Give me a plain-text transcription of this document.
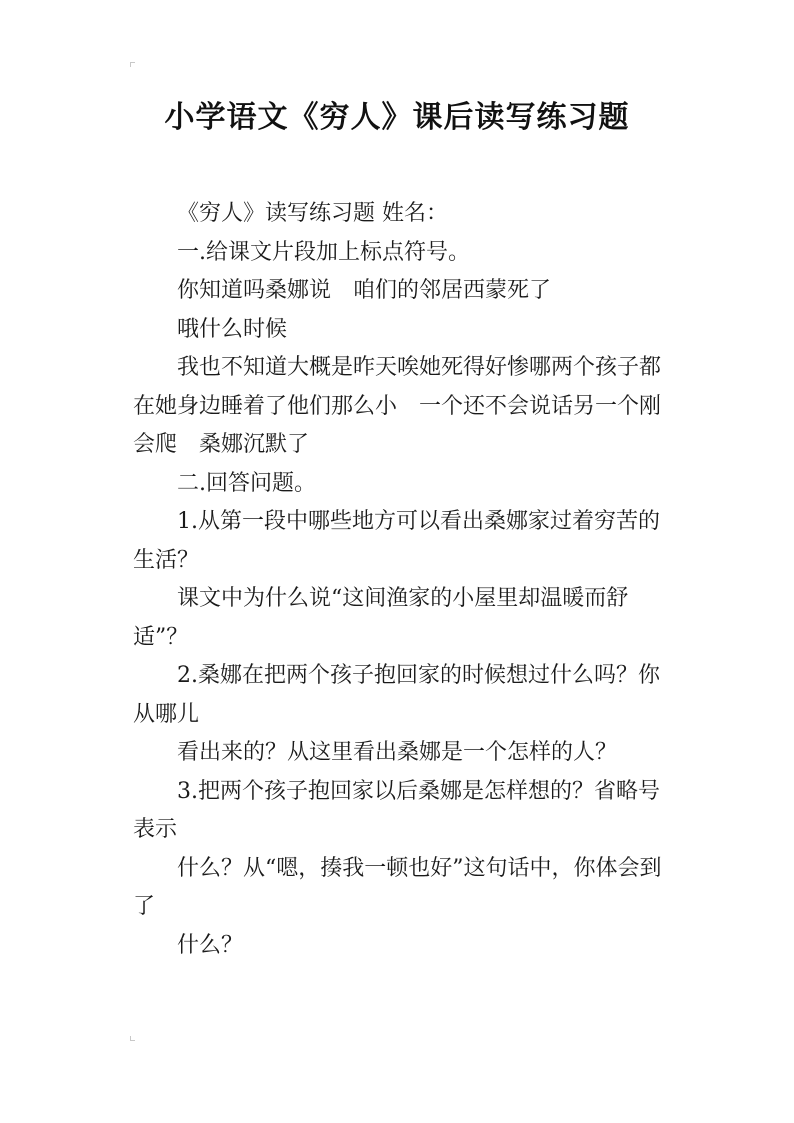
小学语文《穷人》课后读写练习题

《穷人》读写练习题 姓名：

一.给课文片段加上标点符号。

你知道吗桑娜说　咱们的邻居西蒙死了

哦什么时候

我也不知道大概是昨天唉她死得好惨哪两个孩子都在她身边睡着了他们那么小　一个还不会说话另一个刚会爬　桑娜沉默了

二.回答问题。

1.从第一段中哪些地方可以看出桑娜家过着穷苦的生活？

课文中为什么说“这间渔家的小屋里却温暖而舒适”？

2.桑娜在把两个孩子抱回家的时候想过什么吗？你从哪儿

看出来的？从这里看出桑娜是一个怎样的人？

3.把两个孩子抱回家以后桑娜是怎样想的？省略号表示

什么？从“嗯，揍我一顿也好”这句话中，你体会到了

什么？
